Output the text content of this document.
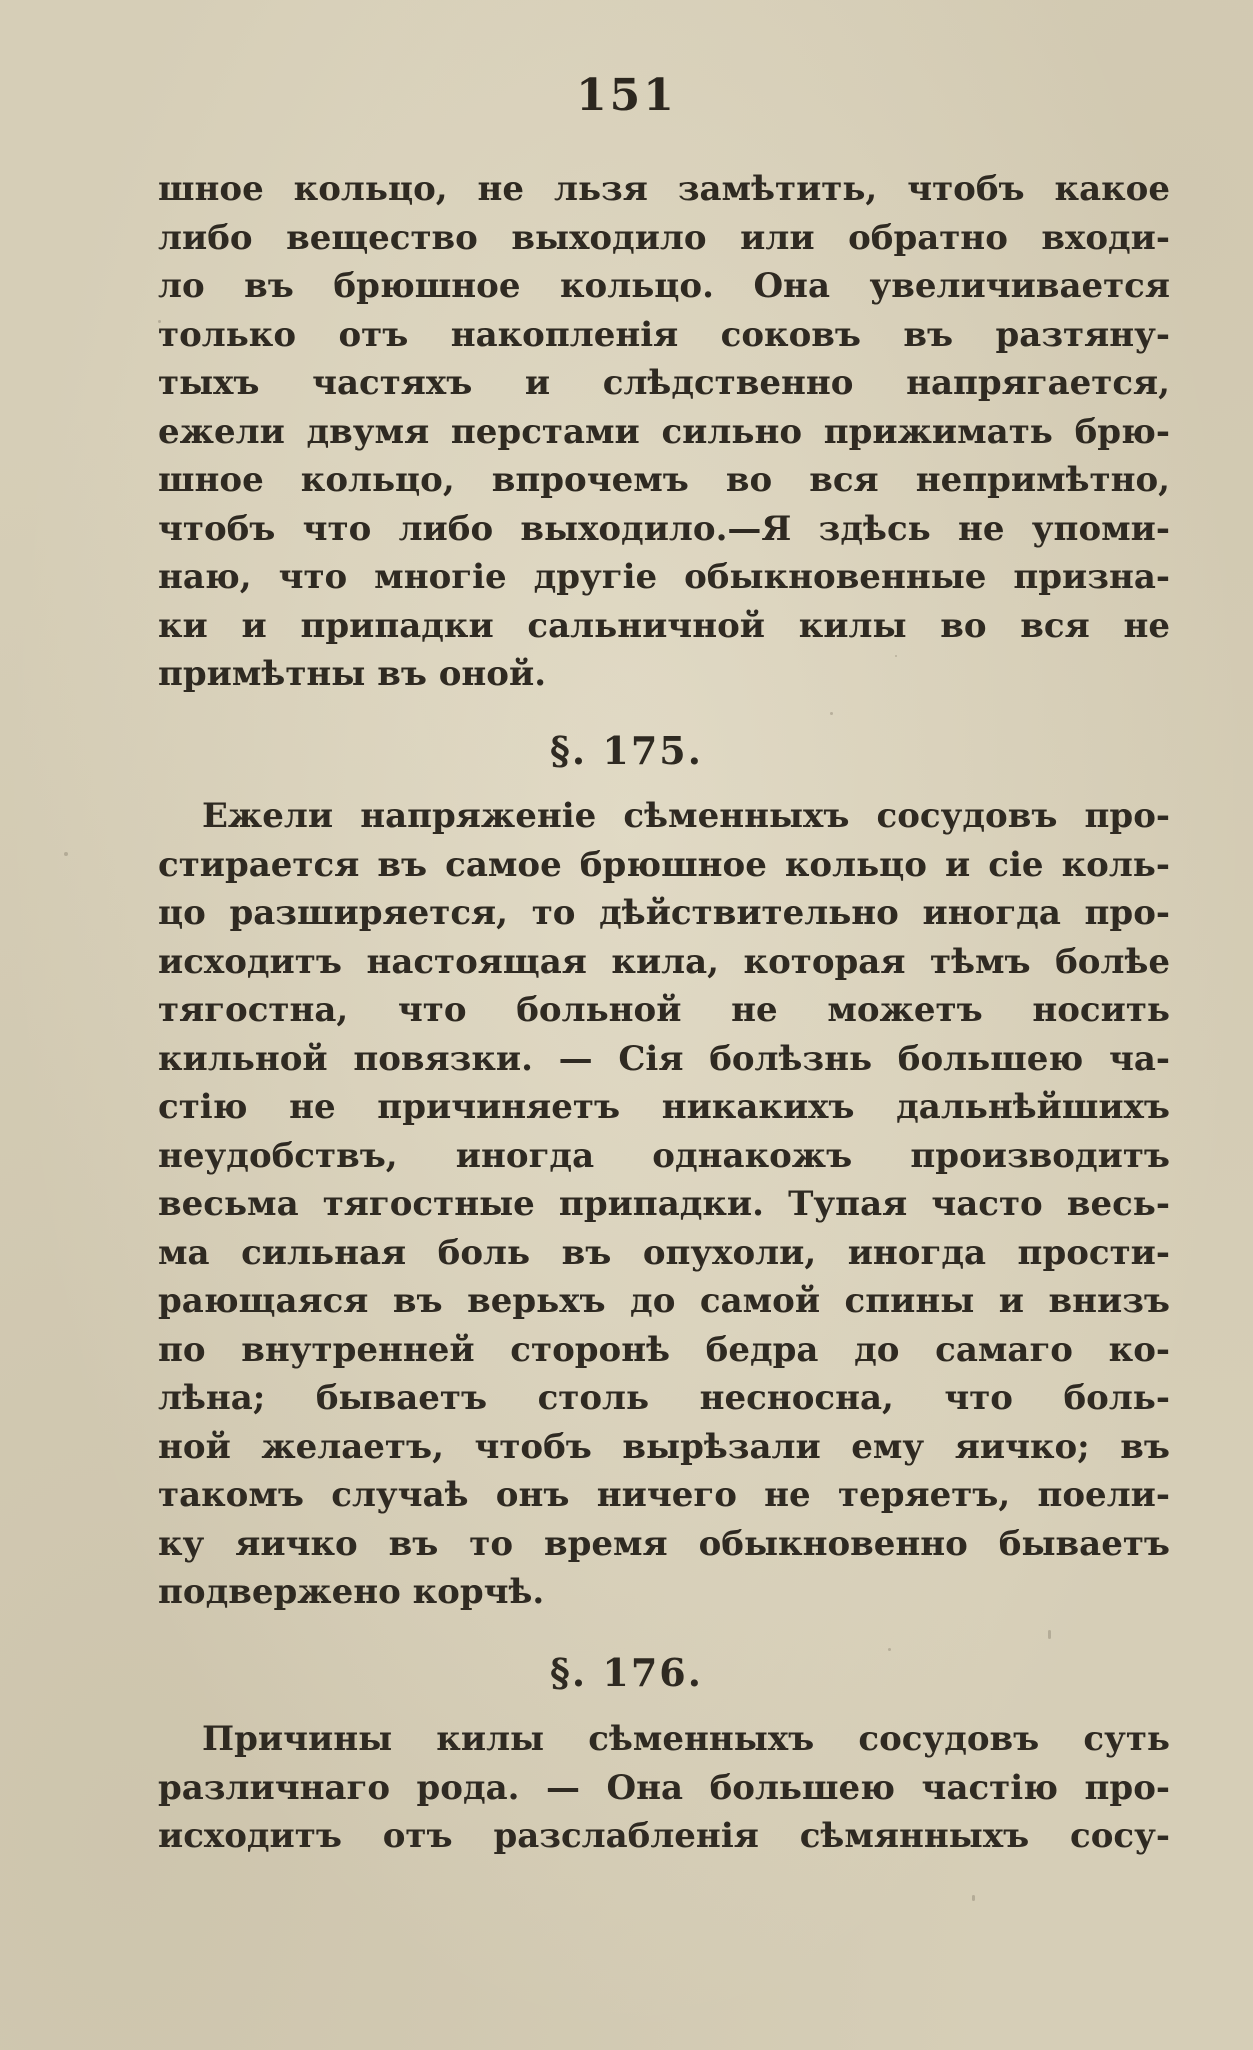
151
шное кольцо, не льзя замѣтить, чтобъ какое
либо вещество выходило или обратно входи-
ло въ брюшное кольцо. Она увеличивается
только отъ накопленія соковъ въ разтяну-
тыхъ частяхъ и слѣдственно напрягается,
ежели двумя перстами сильно прижимать брю-
шное кольцо, впрочемъ во вся непримѣтно,
чтобъ что либо выходило.—Я здѣсь не упоми-
наю, что многіе другіе обыкновенные призна-
ки и припадки сальничной килы во вся не
примѣтны въ оной.
§. 175.
Ежели напряженіе сѣменныхъ сосудовъ про-
стирается въ самое брюшное кольцо и сіе коль-
цо разширяется, то дѣйствительно иногда про-
исходитъ настоящая кила, которая тѣмъ болѣе
тягостна, что больной не можетъ носить
кильной повязки. — Сія болѣзнь большею ча-
стію не причиняетъ никакихъ дальнѣйшихъ
неудобствъ, иногда однакожъ производитъ
весьма тягостные припадки. Тупая часто весь-
ма сильная боль въ опухоли, иногда прости-
рающаяся въ верьхъ до самой спины и внизъ
по внутренней сторонѣ бедра до самаго ко-
лѣна; бываетъ столь несносна, что боль-
ной желаетъ, чтобъ вырѣзали ему яичко; въ
такомъ случаѣ онъ ничего не теряетъ, поели-
ку яичко въ то время обыкновенно бываетъ
подвержено корчѣ.
§. 176.
Причины килы сѣменныхъ сосудовъ суть
различнаго рода. — Она большею частію про-
исходитъ отъ разслабленія сѣмянныхъ сосу-
